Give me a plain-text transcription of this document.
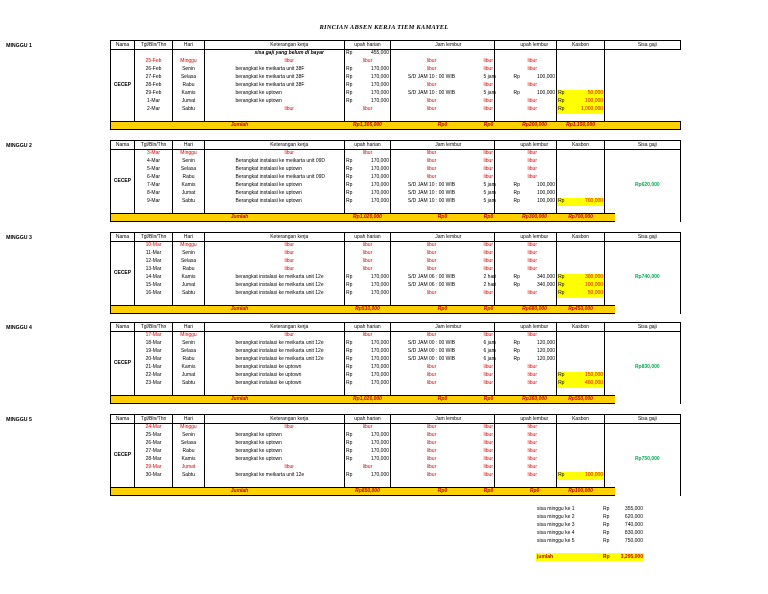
RINCIAN ABSEN KERJA TIEM KAMAYEL
MINGGU 1	Nama	Tgl/Bln/Thn	Hari		Keterangan kerja	upah harian			Jam lembur				upah lembur		Kasbon			Sisa gaji
CECEP				sisa gaji yang belum di bayar	Rp	455,000											
	25-Feb	Minggu		libur	libur			libur		libur			libur				
	26-Feb	Senin		berangkat ke meikarta unit 38F	Rp	170,000		libur		libur			libur				
	27-Feb	Selasa		berangkat ke meikarta unit 38F	Rp	170,000		S/D JAM 10 : 00 WIB		5 jam		Rp	100,000				
	28-Feb	Rabu		berangkat ke meikarta unit 38F	Rp	170,000		libur		libur			libur				
	29-Feb	Kamis		berangkat ke uptown	Rp	170,000		S/D JAM 10 : 00 WIB		5 jam		Rp	100,000	Rp	50,000		
	1-Mar	Jumat		berangkat ke uptown	Rp	170,000		libur		libur			libur	Rp	100,000		
	2-Mar	Sabtu		libur	libur			libur		libur			libur	Rp	1,000,000		

	Jumlah				Rp1,305,000			Rp0		Rp0		Rp200,000		Rp1,150,000			
MINGGU 2	Nama	Tgl/Bln/Thn	Hari		Keterangan kerja	upah harian			Jam lembur				upah lembur		Kasbon			Sisa gaji	
CECEP	3-Mar	Minggu		libur	libur			libur		libur			libur				Rp620,000	
	4-Mar	Senin		Berangkat instalasi ke meikarta unit 09D	Rp	170,000		libur		libur			libur					
	5-Mar	Selasa		Berangkat instalasi ke uptown	Rp	170,000		libur		libur			libur					
	6-Mar	Rabu		Berangkat instalasi ke meikarta unit 09D	Rp	170,000		libur		libur			libur					
	7-Mar	Kamis		Berangkat instalasi ke uptown	Rp	170,000		S/D JAM 10 : 00 WIB		5 jam		Rp	100,000					
	8-Mar	Jumat		Berangkat instalasi ke uptown	Rp	170,000		S/D JAM 10 : 00 WIB		5 jam		Rp	100,000					
	9-Mar	Sabtu		Berangkat instalasi ke uptown	Rp	170,000		S/D JAM 10 : 00 WIB		5 jam		Rp	100,000	Rp	700,000			

	Jumlah				Rp1,020,000			Rp0		Rp0		Rp300,000		Rp700,000				
MINGGU 3	Nama	Tgl/Bln/Thn	Hari		Keterangan kerja	upah harian			Jam lembur				upah lembur		Kasbon			Sisa gaji	
CECEP	10-Mar	Minggu		libur	libur			libur		libur			libur				Rp740,000	
	11-Mar	Senin		libur	libur			libur		libur			libur					
	12-Mar	Selasa		libur	libur			libur		libur			libur					
	13-Mar	Rabu		libur	libur			libur		libur			libur					
	14-Mar	Kamis		berangkat instalasi ke meikarta unit 12e	Rp	170,000		S/D JAM 06 : 00 WIB		2 hari		Rp	340,000	Rp	300,000			
	15-Mar	Jumat		berangkat instalasi ke meikarta unit 12e	Rp	170,000		S/D JAM 06 : 00 WIB		2 hari		Rp	340,000	Rp	100,000			
	16-Mar	Sabtu		berangkat instalasi ke meikarta unit 12e	Rp	170,000		libur		libur			libur	Rp	50,000			

	Jumlah				Rp510,000			Rp0		Rp0		Rp680,000		Rp450,000				
MINGGU 4	Nama	Tgl/Bln/Thn	Hari		Keterangan kerja	upah harian			Jam lembur				upah lembur		Kasbon			Sisa gaji	
CECEP	17-Mar	Minggu		libur	libur			libur		libur			libur				Rp830,000	
	18-Mar	Senin		berangkat instalasi ke meikarta unit 12e	Rp	170,000		S/D JAM 00 : 00 WIB		6 jam		Rp	120,000					
	19-Mar	Selasa		berangkat instalasi ke meikarta unit 12e	Rp	170,000		S/D JAM 00 : 00 WIB		6 jam		Rp	120,000					
	20-Mar	Rabu		berangkat instalasi ke meikarta unit 12e	Rp	170,000		S/D JAM 00 : 00 WIB		6 jam		Rp	120,000					
	21-Mar	Kamis		berangkat instalasi ke uptown	Rp	170,000		libur		libur			libur					
	22-Mar	Jumat		berangkat instalasi ke uptown	Rp	170,000		libur		libur			libur	Rp	150,000			
	23-Mar	Sabtu		berangkat instalasi ke uptown	Rp	170,000		libur		libur			libur	Rp	400,000			

	Jumlah				Rp1,020,000			Rp0		Rp0		Rp360,000		Rp550,000				
MINGGU 5	Nama	Tgl/Bln/Thn	Hari		Keterangan kerja	upah harian			Jam lembur				upah lembur		Kasbon			Sisa gaji	
CECEP	24-Mar	Minggu		libur	libur			libur		libur			libur				Rp750,000	
	25-Mar	Senin		berangkat ke uptown	Rp	170,000		libur		libur			libur					
	26-Mar	Selasa		berangkat ke uptown	Rp	170,000		libur		libur			libur					
	27-Mar	Rabu		berangkat ke uptown	Rp	170,000		libur		libur			libur					
	28-Mar	Kamis		berangkat ke uptown	Rp	170,000		libur		libur			libur					
	29-Mar	Jumat		libur	libur			libur		libur			libur					
	30-Mar	Sabtu		berangkat ke meikarta unit 12e	Rp	170,000		libur		libur			libur	Rp	100,000			

	Jumlah				Rp850,000			Rp0		Rp0		Rp0		Rp100,000				
sisa minggu ke 1	Rp	355,000
sisa minggu ke 2	Rp	620,000
sisa minggu ke 3	Rp	740,000
sisa minggu ke 4	Rp	830,000
sisa minggu ke 5	Rp	750,000

jumlah	Rp	3,295,000
